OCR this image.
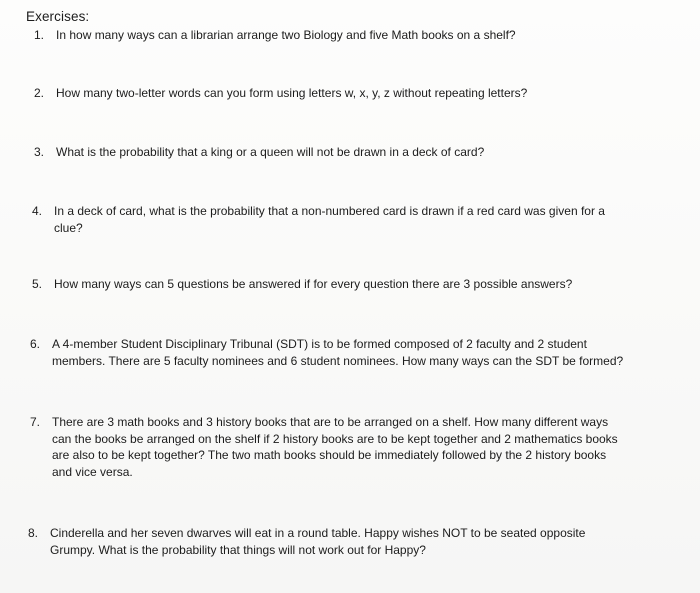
Exercises:
1. In how many ways can a librarian arrange two Biology and five Math books on a shelf?
2. How many two-letter words can you form using letters w, x, y, z without repeating letters?
3. What is the probability that a king or a queen will not be drawn in a deck of card?
4. In a deck of card, what is the probability that a non-numbered card is drawn if a red card was given for a
clue?
5. How many ways can 5 questions be answered if for every question there are 3 possible answers?
6. A 4-member Student Disciplinary Tribunal (SDT) is to be formed composed of 2 faculty and 2 student
members. There are 5 faculty nominees and 6 student nominees. How many ways can the SDT be formed?
7. There are 3 math books and 3 history books that are to be arranged on a shelf. How many different ways
can the books be arranged on the shelf if 2 history books are to be kept together and 2 mathematics books
are also to be kept together? The two math books should be immediately followed by the 2 history books
and vice versa.
8. Cinderella and her seven dwarves will eat in a round table. Happy wishes NOT to be seated opposite
Grumpy. What is the probability that things will not work out for Happy?
